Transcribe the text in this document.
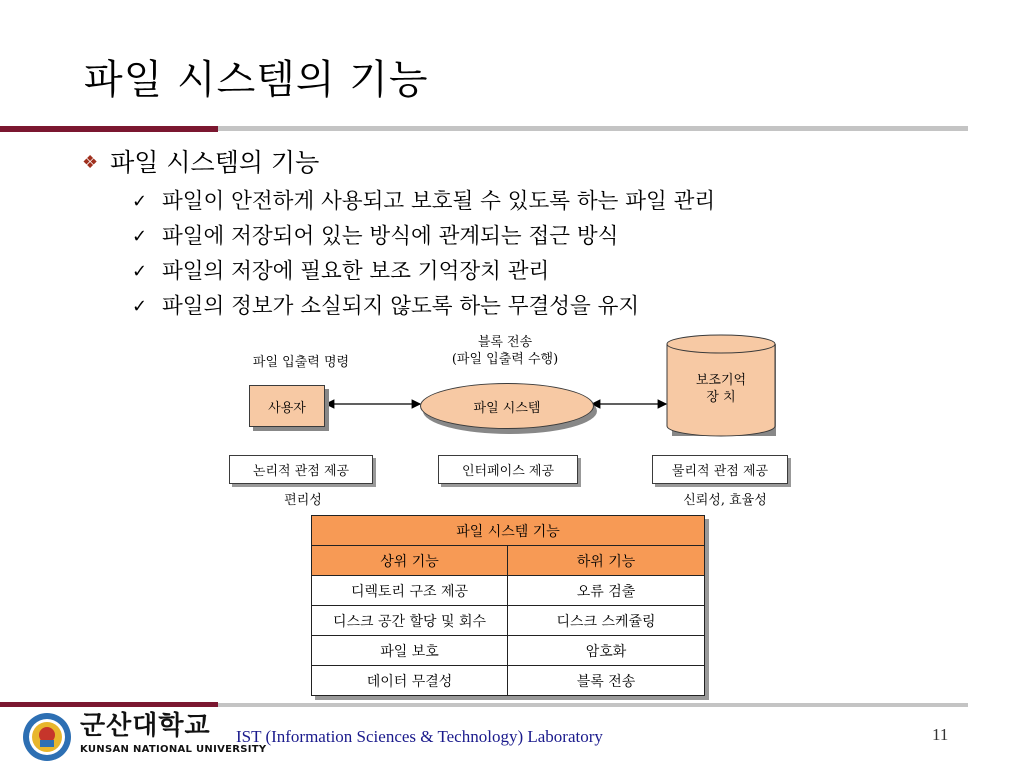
파일 시스템의 기능
❖ 파일 시스템의 기능
✓ 파일이 안전하게 사용되고 보호될 수 있도록 하는 파일 관리
✓ 파일에 저장되어 있는 방식에 관계되는 접근 방식
✓ 파일의 저장에 필요한 보조 기억장치 관리
✓ 파일의 정보가 소실되지 않도록 하는 무결성을 유지
파일 입출력 명령
블록 전송
(파일 입출력 수행)
사용자	파일 시스템
보조기억
장 치
논리적 관점 제공	인터페이스 제공	물리적 관점 제공
편리성	신뢰성, 효율성
파일 시스템 기능	
상위 기능	하위 기능
디렉토리 구조 제공	오류 검출
디스크 공간 할당 및 회수	디스크 스케쥴링
파일 보호	암호화
데이터 무결성	블록 전송
군산대학교
KUNSAN NATIONAL UNIVERSITY
IST (Information Sciences & Technology) Laboratory	11
